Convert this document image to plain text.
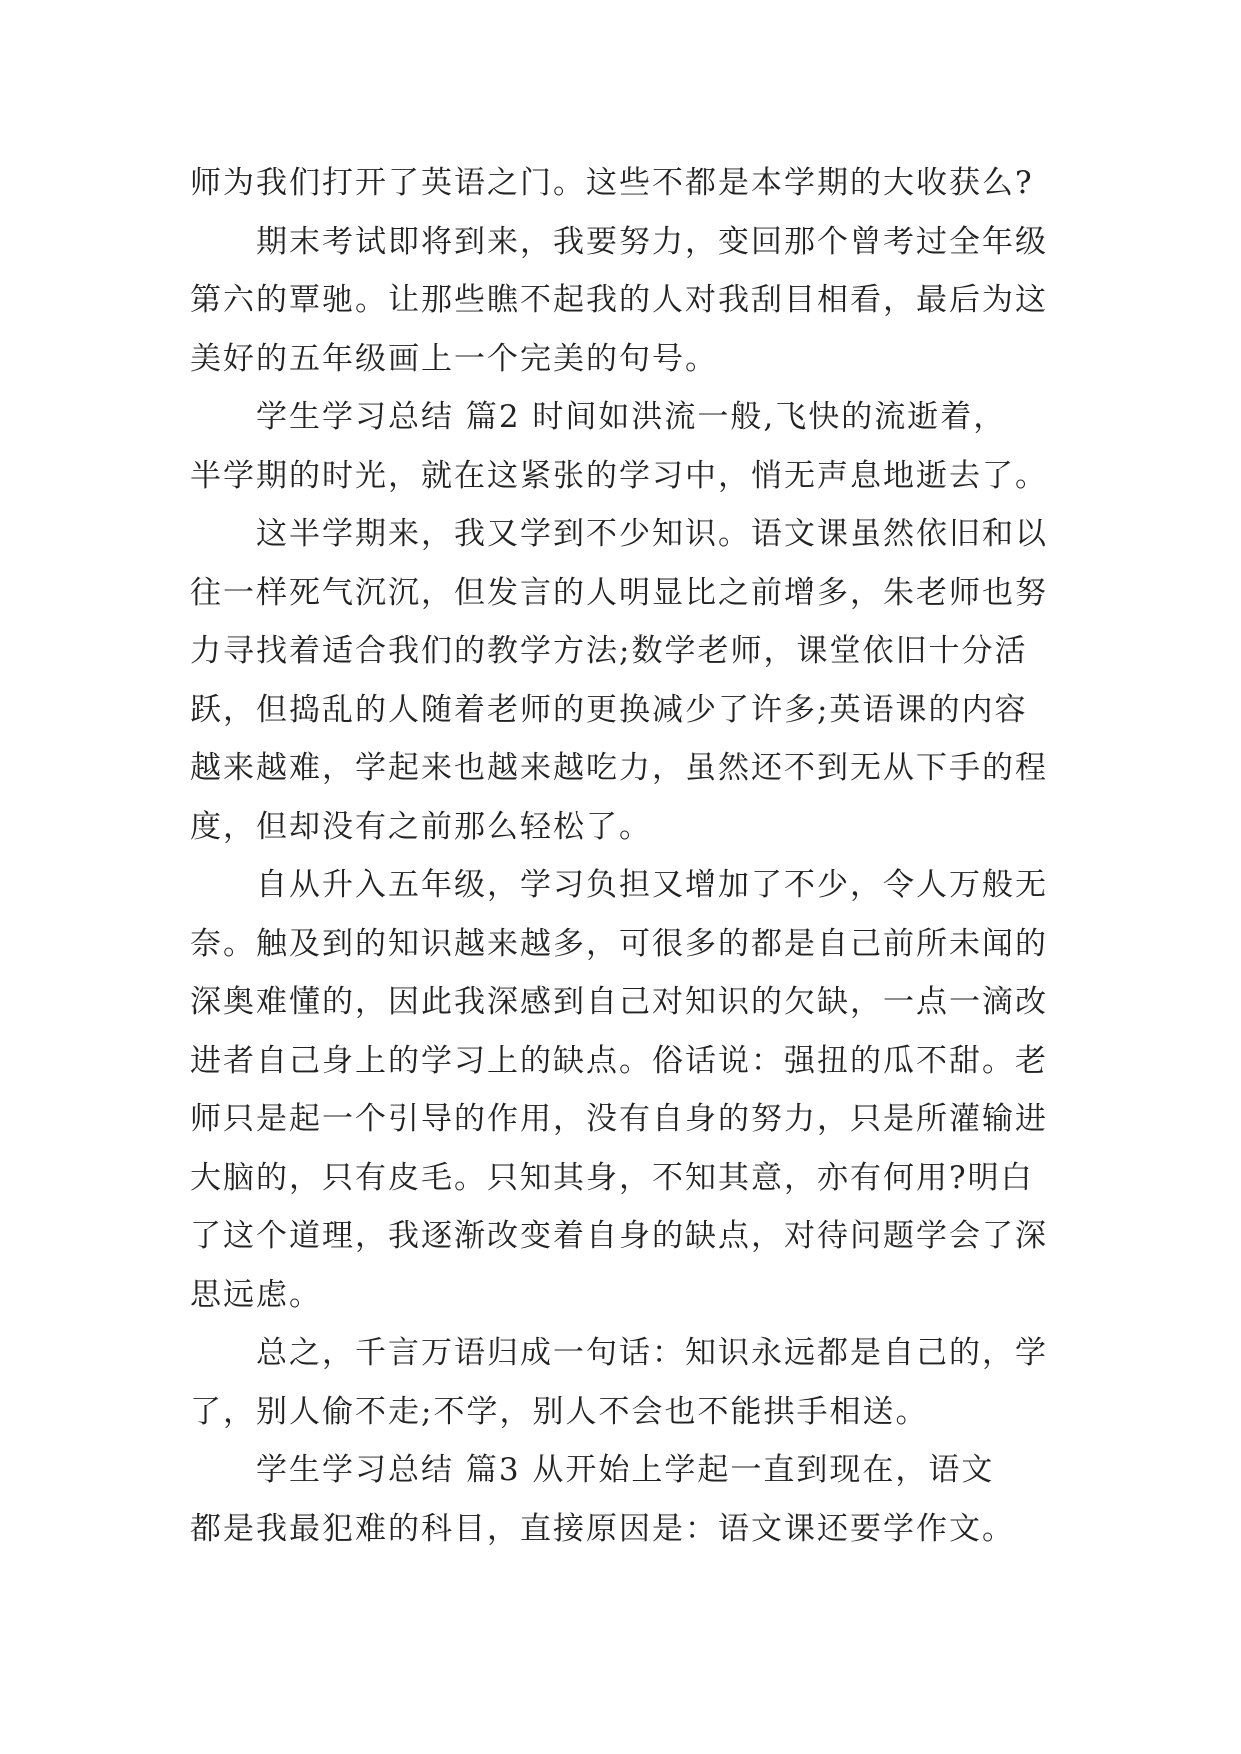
师为我们打开了英语之门。这些不都是本学期的大收获么?

期末考试即将到来，我要努力，变回那个曾考过全年级

第六的覃驰。让那些瞧不起我的人对我刮目相看，最后为这

美好的五年级画上一个完美的句号。

学生学习总结 篇2 时间如洪流一般,飞快的流逝着，

半学期的时光，就在这紧张的学习中，悄无声息地逝去了。

这半学期来，我又学到不少知识。语文课虽然依旧和以

往一样死气沉沉，但发言的人明显比之前增多，朱老师也努

力寻找着适合我们的教学方法;数学老师，课堂依旧十分活

跃，但捣乱的人随着老师的更换减少了许多;英语课的内容

越来越难，学起来也越来越吃力，虽然还不到无从下手的程

度，但却没有之前那么轻松了。

自从升入五年级，学习负担又增加了不少，令人万般无

奈。触及到的知识越来越多，可很多的都是自己前所未闻的

深奥难懂的，因此我深感到自己对知识的欠缺，一点一滴改

进者自己身上的学习上的缺点。俗话说：强扭的瓜不甜。老

师只是起一个引导的作用，没有自身的努力，只是所灌输进

大脑的，只有皮毛。只知其身，不知其意，亦有何用?明白

了这个道理，我逐渐改变着自身的缺点，对待问题学会了深

思远虑。

总之，千言万语归成一句话：知识永远都是自己的，学

了，别人偷不走;不学，别人不会也不能拱手相送。

学生学习总结 篇3 从开始上学起一直到现在，语文

都是我最犯难的科目，直接原因是：语文课还要学作文。
